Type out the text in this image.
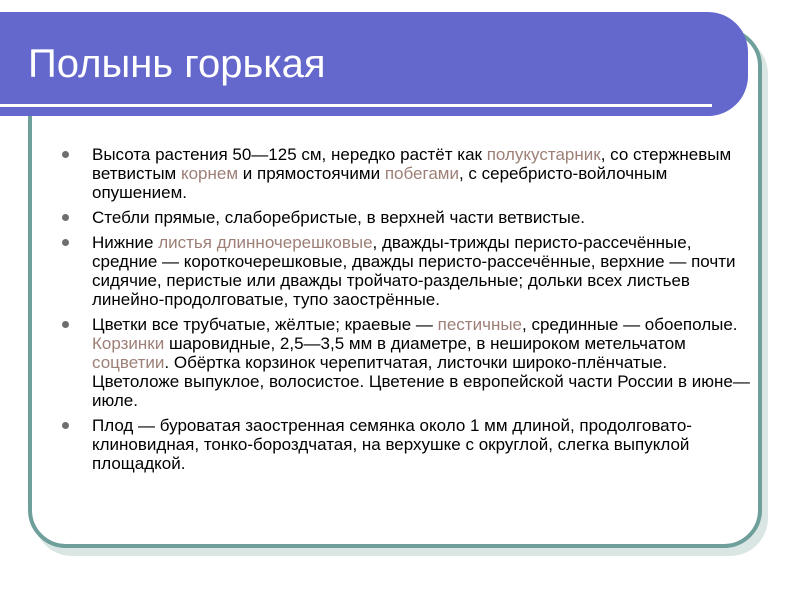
Полынь горькая
Высота растения 50—125 см, нередко растёт как полукустарник, со стержневым ветвистым корнем и прямостоячими побегами, с серебристо-войлочным опушением.
Стебли прямые, слаборебристые, в верхней части ветвистые.
Нижние листья длинночерешковые, дважды-трижды перисто-рассечённые, средние — короткочерешковые, дважды перисто-рассечённые, верхние — почти сидячие, перистые или дважды тройчато-раздельные; дольки всех листьев линейно-продолговатые, тупо заострённые.
Цветки все трубчатые, жёлтые; краевые — пестичные, срединные — обоеполые. Корзинки шаровидные, 2,5—3,5 мм в диаметре, в нешироком метельчатом соцветии. Обёртка корзинок черепитчатая, листочки широко-плёнчатые. Цветоложе выпуклое, волосистое. Цветение в европейской части России в июне—июле.
Плод — буроватая заостренная семянка около 1 мм длиной, продолговато-клиновидная, тонко-бороздчатая, на верхушке с округлой, слегка выпуклой площадкой.
